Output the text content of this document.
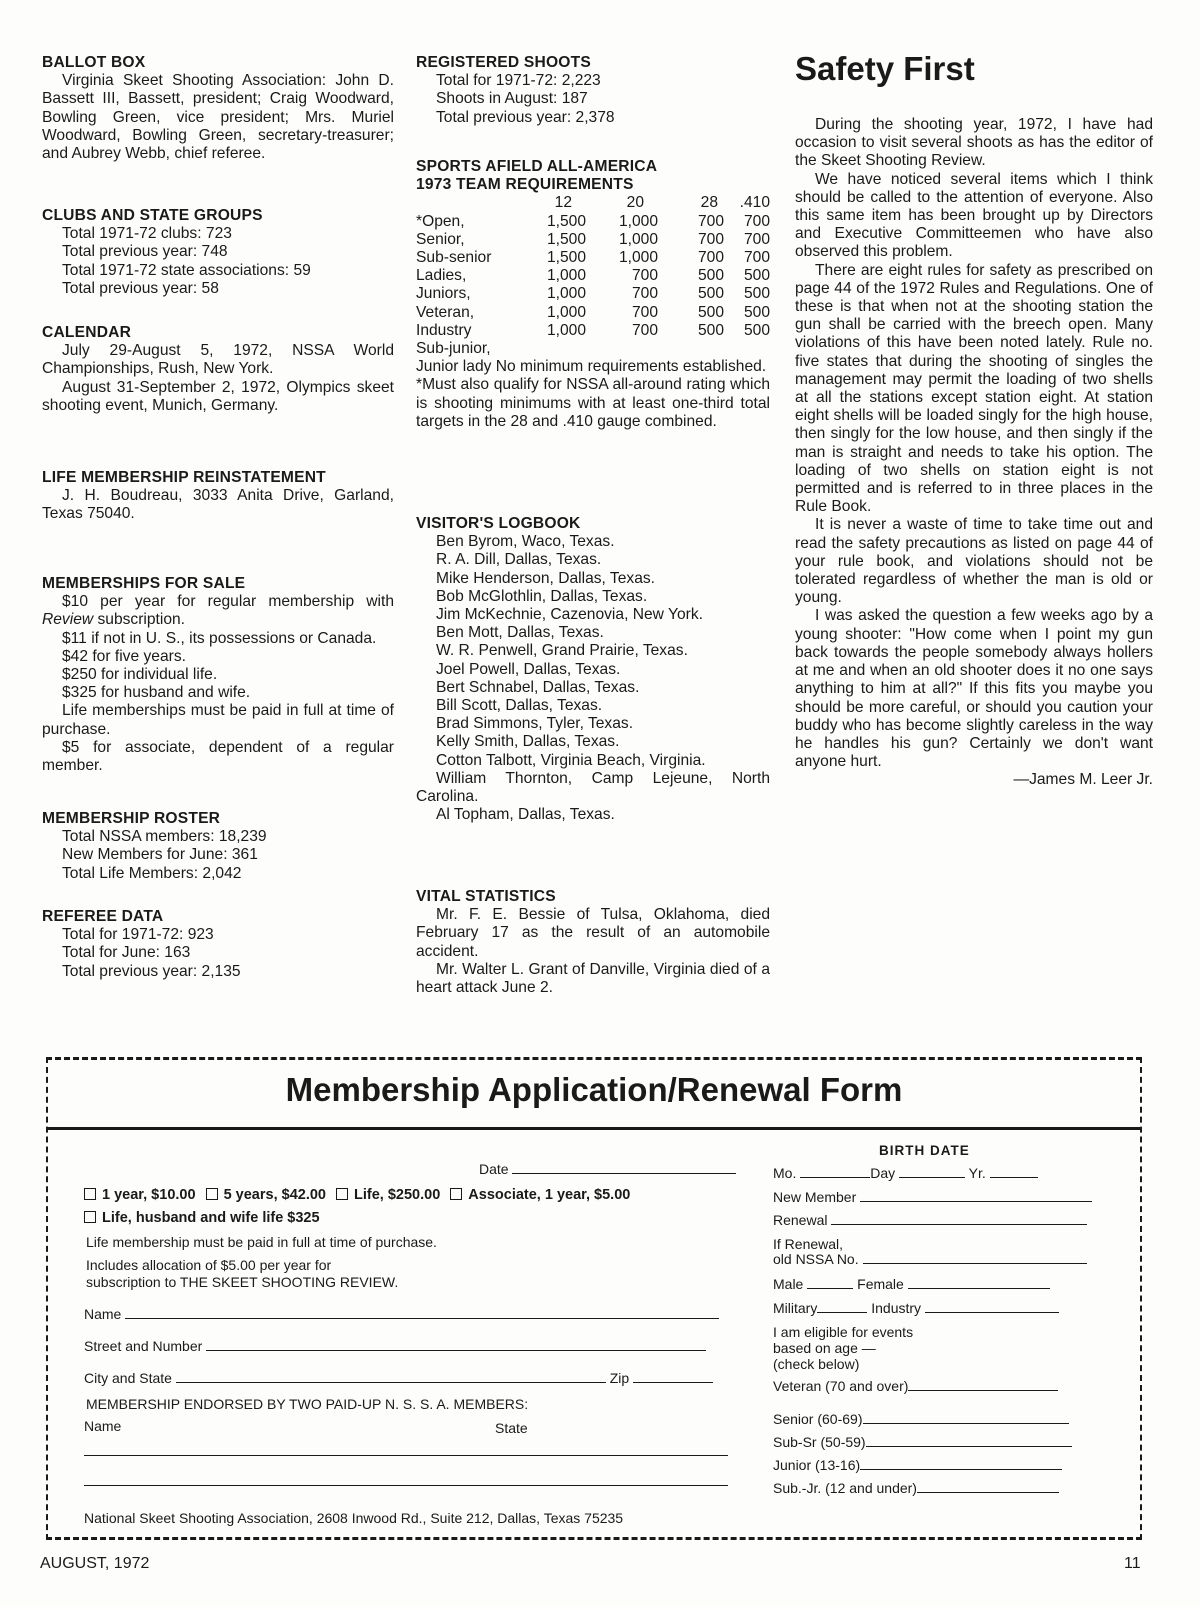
BALLOT BOX

Virginia Skeet Shooting Association: John D. Bassett III, Bassett, president; Craig Woodward, Bowling Green, vice president; Mrs. Muriel Woodward, Bowling Green, secretary-treasurer; and Aubrey Webb, chief referee.

CLUBS AND STATE GROUPS

Total 1971-72 clubs: 723

Total previous year: 748

Total 1971-72 state associations: 59

Total previous year: 58

CALENDAR

July 29-August 5, 1972, NSSA World Championships, Rush, New York.

August 31-September 2, 1972, Olympics skeet shooting event, Munich, Germany.

LIFE MEMBERSHIP REINSTATEMENT

J. H. Boudreau, 3033 Anita Drive, Garland, Texas 75040.

MEMBERSHIPS FOR SALE

$10 per year for regular membership with Review subscription.

$11 if not in U. S., its possessions or Canada.

$42 for five years.

$250 for individual life.

$325 for husband and wife.

Life memberships must be paid in full at time of purchase.

$5 for associate, dependent of a regular member.

MEMBERSHIP ROSTER

Total NSSA members: 18,239

New Members for June: 361

Total Life Members: 2,042

REFEREE DATA

Total for 1971-72: 923

Total for June: 163

Total previous year: 2,135

REGISTERED SHOOTS

Total for 1971-72: 2,223

Shoots in August: 187

Total previous year: 2,378

SPORTS AFIELD ALL-AMERICA

1973 TEAM REQUIREMENTS

	12	20	28	.410
*Open,	1,500	1,000	700	700
Senior,	1,500	1,000	700	700
Sub-senior	1,500	1,000	700	700
Ladies,	1,000	700	500	500
Juniors,	1,000	700	500	500
Veteran,	1,000	700	500	500
Industry	1,000	700	500	500

Sub-junior,

Junior lady No minimum requirements established.

*Must also qualify for NSSA all-around rating which is shooting minimums with at least one-third total targets in the 28 and .410 gauge combined.

VISITOR'S LOGBOOK

Ben Byrom, Waco, Texas.

R. A. Dill, Dallas, Texas.

Mike Henderson, Dallas, Texas.

Bob McGlothlin, Dallas, Texas.

Jim McKechnie, Cazenovia, New York.

Ben Mott, Dallas, Texas.

W. R. Penwell, Grand Prairie, Texas.

Joel Powell, Dallas, Texas.

Bert Schnabel, Dallas, Texas.

Bill Scott, Dallas, Texas.

Brad Simmons, Tyler, Texas.

Kelly Smith, Dallas, Texas.

Cotton Talbott, Virginia Beach, Virginia.

William Thornton, Camp Lejeune, North Carolina.

Al Topham, Dallas, Texas.

VITAL STATISTICS

Mr. F. E. Bessie of Tulsa, Oklahoma, died February 17 as the result of an automobile accident.

Mr. Walter L. Grant of Danville, Virginia died of a heart attack June 2.

Safety First

During the shooting year, 1972, I have had occasion to visit several shoots as has the editor of the Skeet Shooting Review.

We have noticed several items which I think should be called to the attention of everyone. Also this same item has been brought up by Directors and Executive Committeemen who have also observed this problem.

There are eight rules for safety as prescribed on page 44 of the 1972 Rules and Regulations. One of these is that when not at the shooting station the gun shall be carried with the breech open. Many violations of this have been noted lately. Rule no. five states that during the shooting of singles the management may permit the loading of two shells at all the stations except station eight. At station eight shells will be loaded singly for the high house, then singly for the low house, and then singly if the man is straight and needs to take his option. The loading of two shells on station eight is not permitted and is referred to in three places in the Rule Book.

It is never a waste of time to take time out and read the safety precautions as listed on page 44 of your rule book, and violations should not be tolerated regardless of whether the man is old or young.

I was asked the question a few weeks ago by a young shooter: "How come when I point my gun back towards the people somebody always hollers at me and when an old shooter does it no one says anything to him at all?" If this fits you maybe you should be more careful, or should you caution your buddy who has become slightly careless in the way he handles his gun? Certainly we don't want anyone hurt.

—James M. Leer Jr.

Membership Application/Renewal Form
Date
1 year, $10.00 5 years, $42.00 Life, $250.00 Associate, 1 year, $5.00
Life, husband and wife life $325
Life membership must be paid in full at time of purchase.
Includes allocation of $5.00 per year for
subscription to THE SKEET SHOOTING REVIEW.
Name
Street and Number
City and State	Zip
MEMBERSHIP ENDORSED BY TWO PAID-UP N. S. S. A. MEMBERS:
Name	State
National Skeet Shooting Association, 2608 Inwood Rd., Suite 212, Dallas, Texas 75235
BIRTH DATE
Mo.	Day	Yr.
New Member
Renewal
If Renewal,
old NSSA No.
Male	Female
Military	Industry
I am eligible for events
based on age —
(check below)
Veteran (70 and over)
Senior (60-69)
Sub-Sr (50-59)
Junior (13-16)
Sub.-Jr. (12 and under)
AUGUST, 1972	11
